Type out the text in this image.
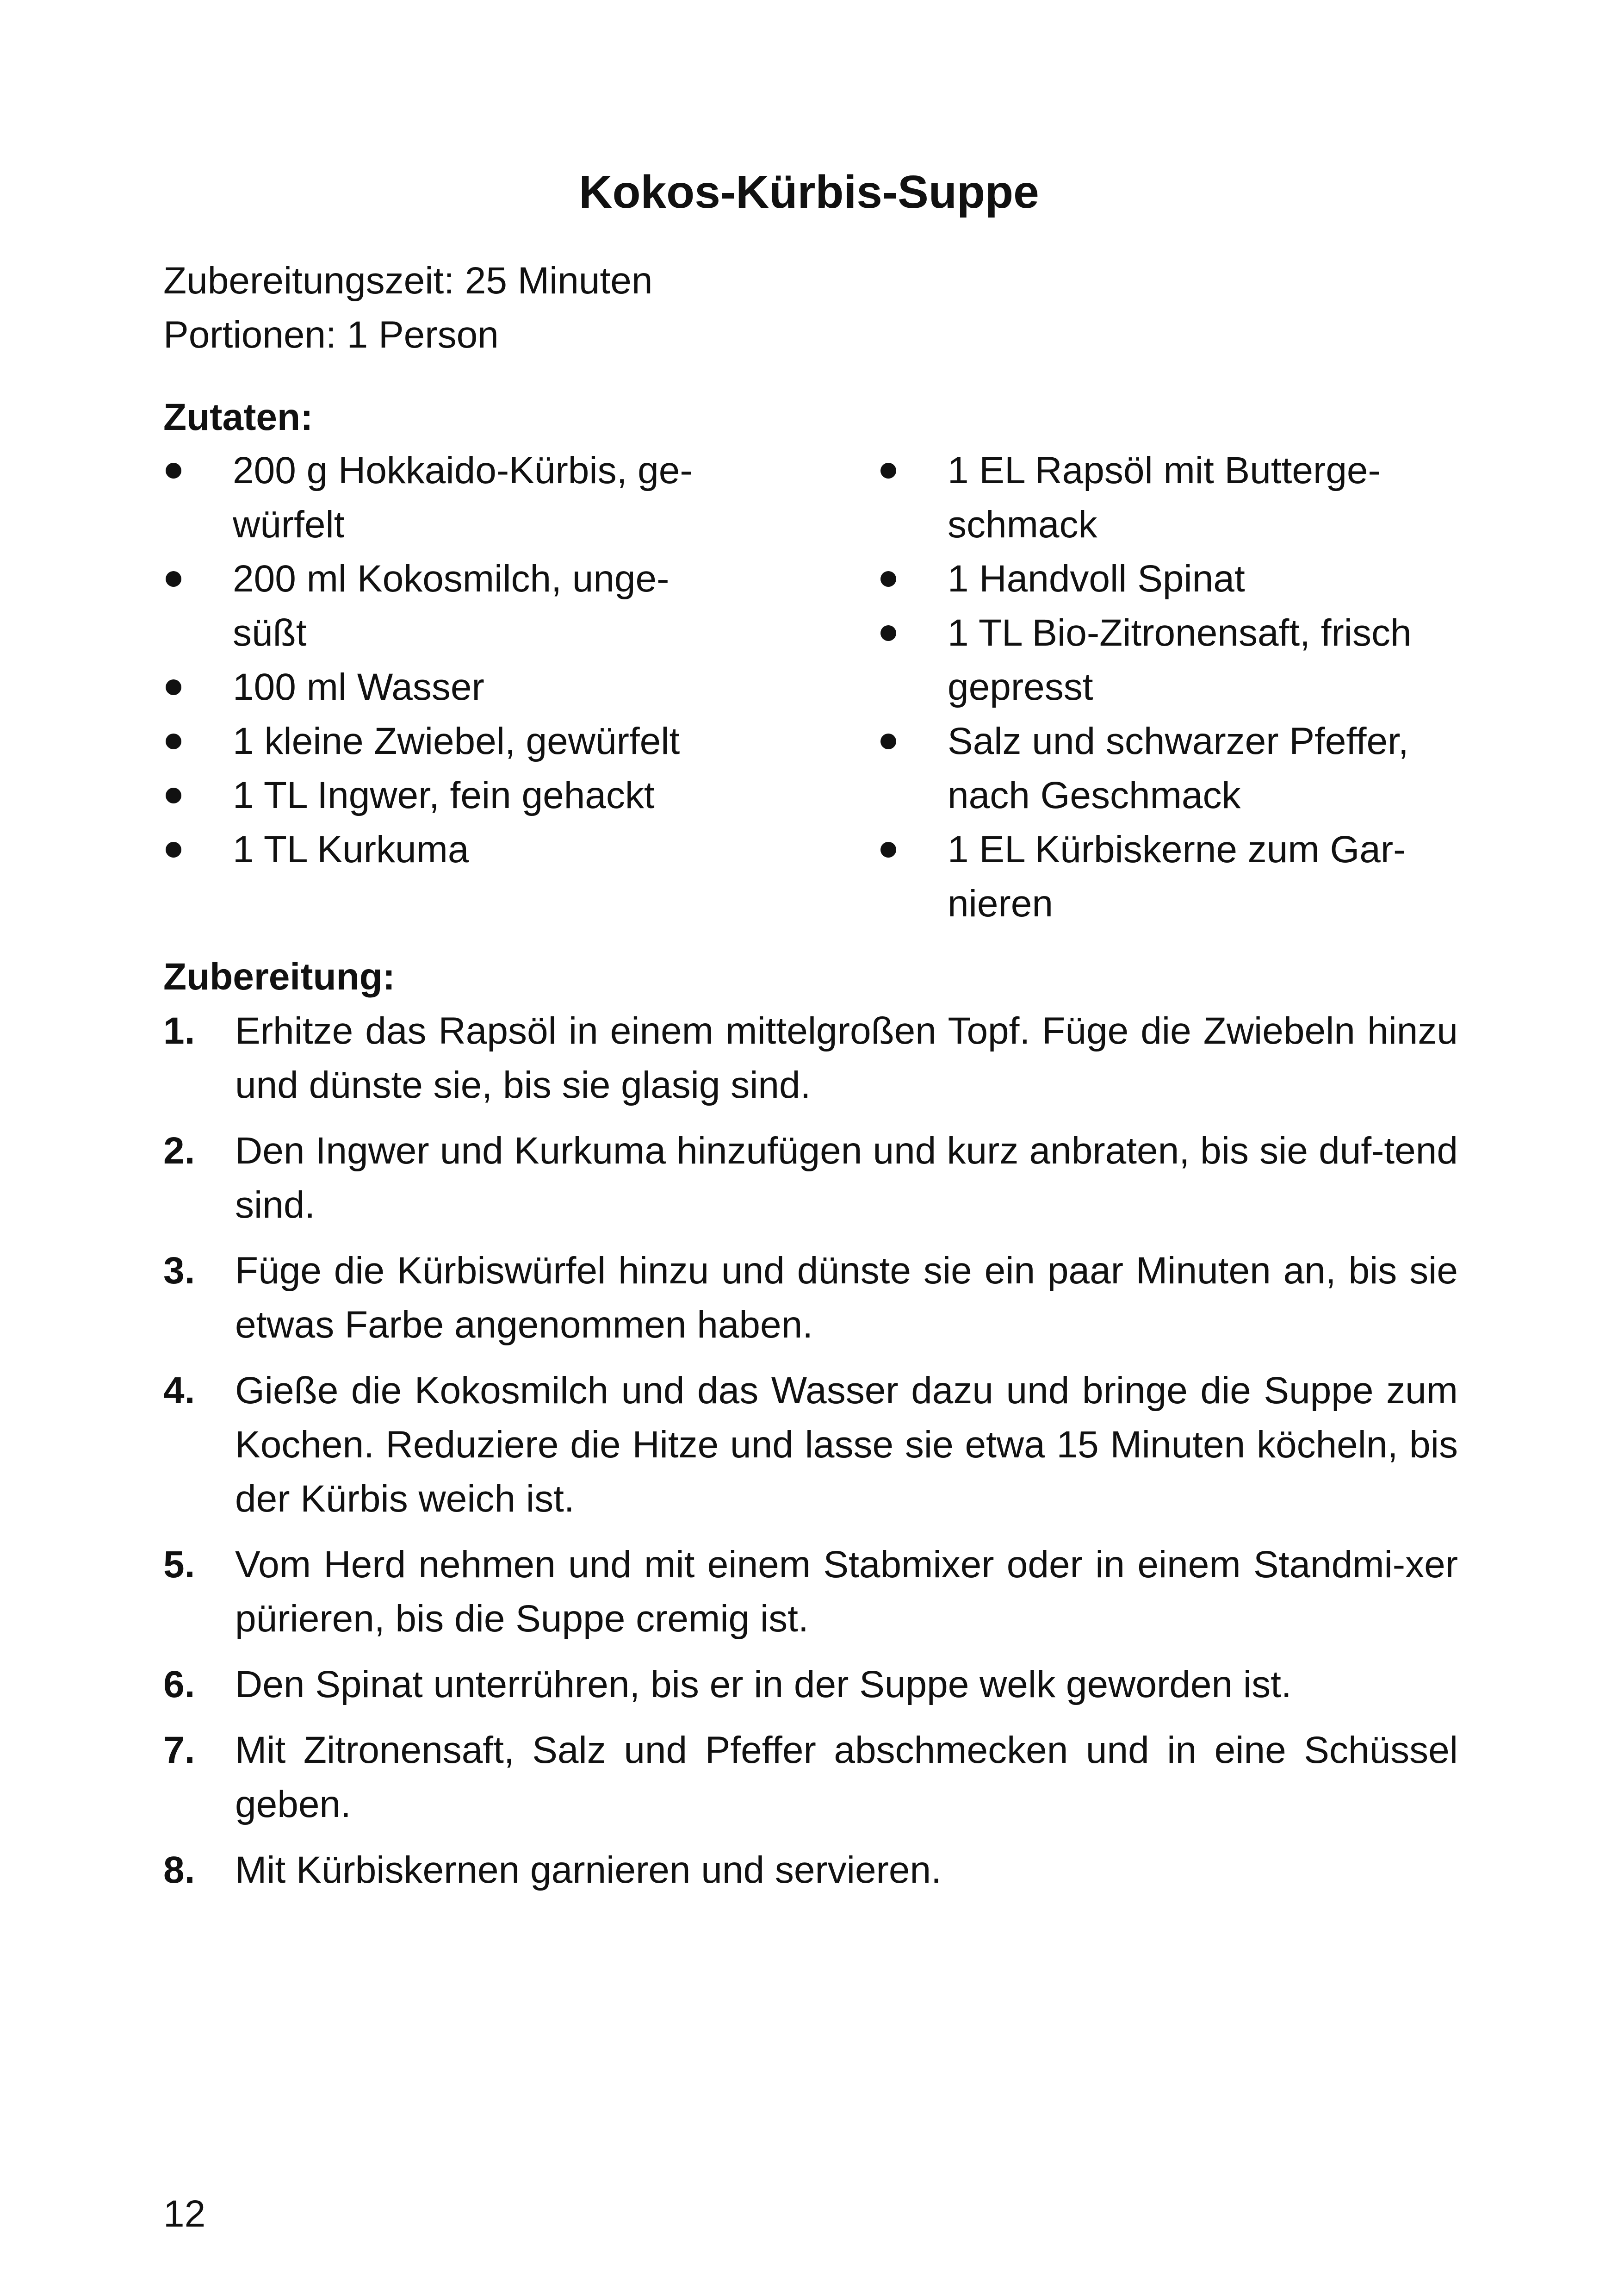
Kokos-Kürbis-Suppe
Zubereitungszeit: 25 Minuten
Portionen: 1 Person
Zutaten:
200 g Hokkaido-Kürbis, ge-​würfelt
200 ml Kokosmilch, unge-​süßt
100 ml Wasser
1 kleine Zwiebel, gewürfelt
1 TL Ingwer, fein gehackt
1 TL Kurkuma
1 EL Rapsöl mit Butterge-​schmack
1 Handvoll Spinat
1 TL Bio-Zitronensaft, frisch gepresst
Salz und schwarzer Pfeffer, nach Geschmack
1 EL Kürbiskerne zum Gar-​nieren
Zubereitung:
1. Erhitze das Rapsöl in einem mittelgroßen Topf. Füge die Zwiebeln hinzu und dünste sie, bis sie glasig sind.
2. Den Ingwer und Kurkuma hinzufügen und kurz anbraten, bis sie duf-tend sind.
3. Füge die Kürbiswürfel hinzu und dünste sie ein paar Minuten an, bis sie etwas Farbe angenommen haben.
4. Gieße die Kokosmilch und das Wasser dazu und bringe die Suppe zum Kochen. Reduziere die Hitze und lasse sie etwa 15 Minuten köcheln, bis der Kürbis weich ist.
5. Vom Herd nehmen und mit einem Stabmixer oder in einem Standmi-xer pürieren, bis die Suppe cremig ist.
6. Den Spinat unterrühren, bis er in der Suppe welk geworden ist.
7. Mit Zitronensaft, Salz und Pfeffer abschmecken und in eine Schüssel geben.
8. Mit Kürbiskernen garnieren und servieren.
12
